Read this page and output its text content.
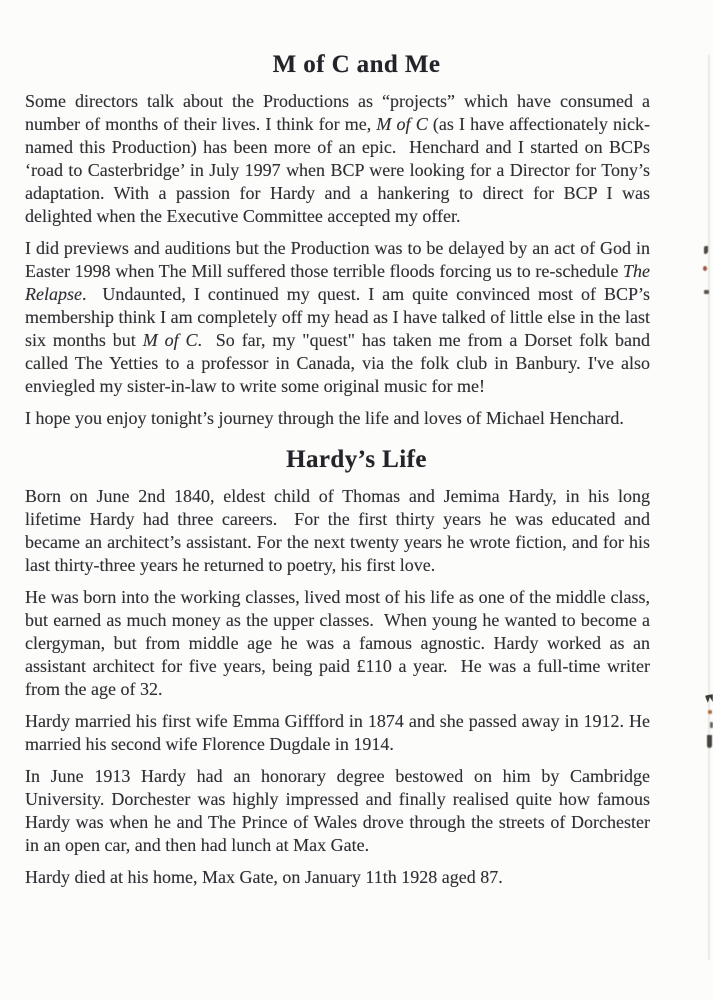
M of C and Me

Some directors talk about the Productions as “projects” which have consumed a number of months of their lives. I think for me, M of C (as I have affectionately nick-named this Production) has been more of an epic.  Henchard and I started on BCPs ‘road to Casterbridge’ in July 1997 when BCP were looking for a Director for Tony’s adaptation. With a passion for Hardy and a hankering to direct for BCP I was delighted when the Executive Committee accepted my offer.

I did previews and auditions but the Production was to be delayed by an act of God in Easter 1998 when The Mill suffered those terrible floods forcing us to re-schedule The Relapse.  Undaunted, I continued my quest. I am quite convinced most of BCP’s membership think I am completely off my head as I have talked of little else in the last six months but M of C.  So far, my "quest" has taken me from a Dorset folk band called The Yetties to a professor in Canada, via the folk club in Banbury. I've also enviegled my sister-in-law to write some original music for me!

I hope you enjoy tonight’s journey through the life and loves of Michael Henchard.

Hardy’s Life

Born on June 2nd 1840, eldest child of Thomas and Jemima Hardy, in his long lifetime Hardy had three careers.  For the first thirty years he was educated and became an architect’s assistant. For the next twenty years he wrote fiction, and for his last thirty-three years he returned to poetry, his first love.

He was born into the working classes, lived most of his life as one of the middle class, but earned as much money as the upper classes.  When young he wanted to become a clergyman, but from middle age he was a famous agnostic. Hardy worked as an assistant architect for five years, being paid £110 a year.  He was a full-time writer from the age of 32.

Hardy married his first wife Emma Giffford in 1874 and she passed away in 1912. He married his second wife Florence Dugdale in 1914.

In June 1913 Hardy had an honorary degree bestowed on him by Cambridge University. Dorchester was highly impressed and finally realised quite how famous Hardy was when he and The Prince of Wales drove through the streets of Dorchester in an open car, and then had lunch at Max Gate.

Hardy died at his home, Max Gate, on January 11th 1928 aged 87.
